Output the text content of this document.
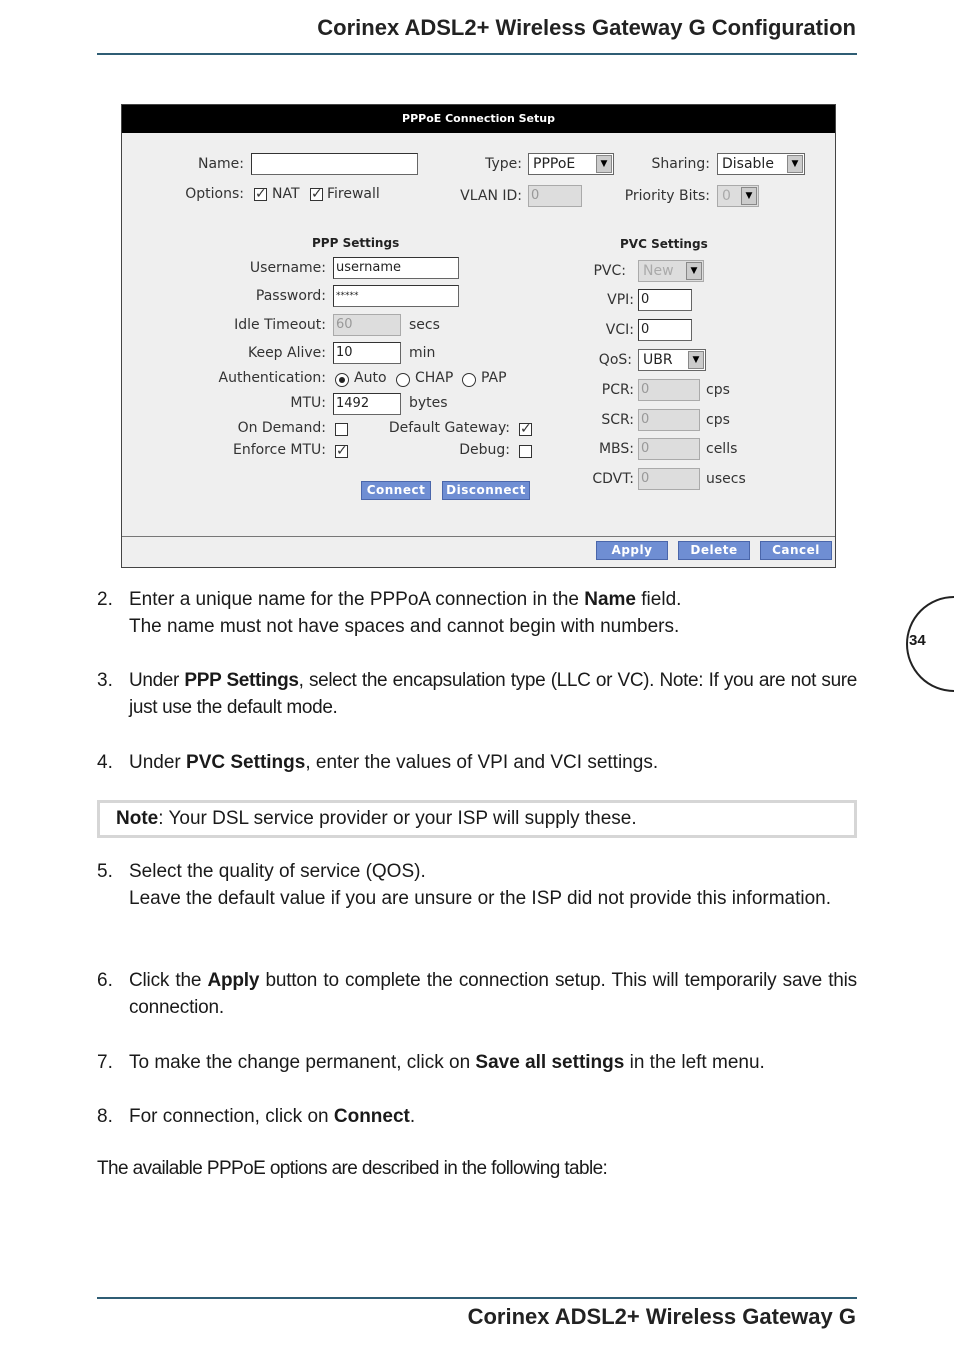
Corinex ADSL2+ Wireless Gateway G Configuration
PPPoE Connection Setup
Name:	Type: PPPoE	▼	Sharing: Disable	▼
Options: ✓ NAT ✓ Firewall	VLAN ID: 0	Priority Bits: 0	▼
PPP Settings
Username: username
Password:	*****
Idle Timeout: 60	secs
Keep Alive: 10	min
Authentication: Auto CHAP PAP
MTU: 1492	bytes
On Demand:	Default Gateway: ✓
Enforce MTU: ✓	Debug:
Connect	Disconnect
PVC Settings
PVC:	New	▼
VPI: 0
VCI: 0
QoS: UBR	▼
PCR: 0	cps
SCR: 0	cps
MBS: 0	cells
CDVT: 0	usecs
Apply	Delete	Cancel
2. Enter a unique name for the PPPoA connection in the Name field.
The name must not have spaces and cannot begin with numbers.
3. Under PPP Settings, select the encapsulation type (LLC or VC). Note: If you are not sure just use the default mode.
4. Under PVC Settings, enter the values of VPI and VCI settings.
Note: Your DSL service provider or your ISP will supply these.
5. Select the quality of service (QOS).
Leave the default value if you are unsure or the ISP did not provide this information.
6. Click the Apply button to complete the connection setup. This will temporarily save this connection.
7. To make the change permanent, click on Save all settings in the left menu.
8. For connection, click on Connect.
The available PPPoE options are described in the following table:
34
Corinex ADSL2+ Wireless Gateway G
